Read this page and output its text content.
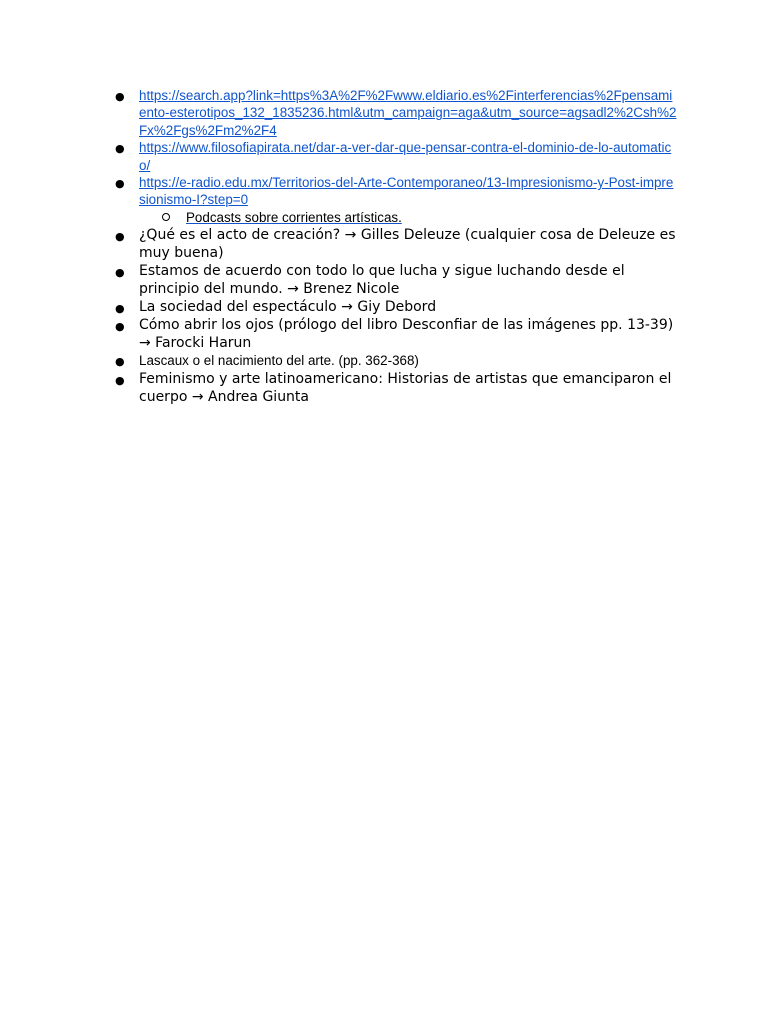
● https://search.app?link=https%3A%2F%2Fwww.eldiario.es%2Finterferencias%2Fpensamiento-esterotipos_132_1835236.html&utm_campaign=aga&utm_source=agsadl2%2Csh%2Fx%2Fgs%2Fm2%2F4
● https://www.filosofiapirata.net/dar-a-ver-dar-que-pensar-contra-el-dominio-de-lo-automatico/
● https://e-radio.edu.mx/Territorios-del-Arte-Contemporaneo/13-Impresionismo-y-Post-impresionismo-I?step=0
Podcasts sobre corrientes artísticas.
● ¿Qué es el acto de creación? → Gilles Deleuze (cualquier cosa de Deleuze es muy buena)
● Estamos de acuerdo con todo lo que lucha y sigue luchando desde el principio del mundo. → Brenez Nicole
● La sociedad del espectáculo → Giy Debord
● Cómo abrir los ojos (prólogo del libro Desconfiar de las imágenes pp. 13-39) → Farocki Harun
● Lascaux o el nacimiento del arte. (pp. 362-368)
● Feminismo y arte latinoamericano: Historias de artistas que emanciparon el cuerpo → Andrea Giunta
